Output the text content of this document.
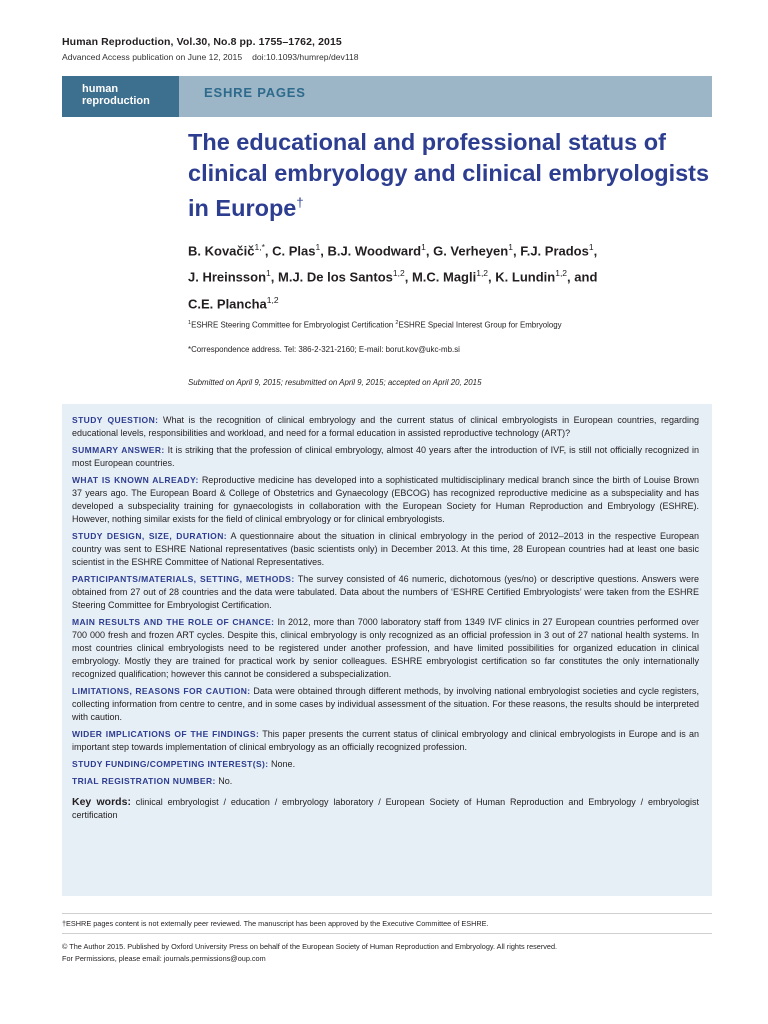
Human Reproduction, Vol.30, No.8 pp. 1755–1762, 2015
Advanced Access publication on June 12, 2015 doi:10.1093/humrep/dev118
human
reproduction
ESHRE PAGES
The educational and professional status of clinical embryology and clinical embryologists in Europe†

B. Kovačič$^{1,*}$, C. Plas$^1$, B.J. Woodward$^1$, G. Verheyen$^1$, F.J. Prados$^1$,
J. Hreinsson$^1$, M.J. De los Santos$^{1,2}$, M.C. Magli$^{1,2}$, K. Lundin$^{1,2}$, and
C.E. Plancha$^{1,2}$

$^1$ESHRE Steering Committee for Embryologist Certification $^2$ESHRE Special Interest Group for Embryology
*Correspondence address. Tel: 386-2-321-2160; E-mail: borut.kov@ukc-mb.si
Submitted on April 9, 2015; resubmitted on April 9, 2015; accepted on April 20, 2015

STUDY QUESTION: What is the recognition of clinical embryology and the current status of clinical embryologists in European countries, regarding educational levels, responsibilities and workload, and need for a formal education in assisted reproductive technology (ART)?

SUMMARY ANSWER: It is striking that the profession of clinical embryology, almost 40 years after the introduction of IVF, is still not officially recognized in most European countries.

WHAT IS KNOWN ALREADY: Reproductive medicine has developed into a sophisticated multidisciplinary medical branch since the birth of Louise Brown 37 years ago. The European Board & College of Obstetrics and Gynaecology (EBCOG) has recognized reproductive medicine as a subspeciality and has developed a subspeciality training for gynaecologists in collaboration with the European Society for Human Reproduction and Embryology (ESHRE). However, nothing similar exists for the field of clinical embryology or for clinical embryologists.

STUDY DESIGN, SIZE, DURATION: A questionnaire about the situation in clinical embryology in the period of 2012–2013 in the respective European country was sent to ESHRE National representatives (basic scientists only) in December 2013. At this time, 28 European countries had at least one basic scientist in the ESHRE Committee of National Representatives.

PARTICIPANTS/MATERIALS, SETTING, METHODS: The survey consisted of 46 numeric, dichotomous (yes/no) or descriptive questions. Answers were obtained from 27 out of 28 countries and the data were tabulated. Data about the numbers of ‘ESHRE Certified Embryologists’ were taken from the ESHRE Steering Committee for Embryologist Certification.

MAIN RESULTS AND THE ROLE OF CHANCE: In 2012, more than 7000 laboratory staff from 1349 IVF clinics in 27 European countries performed over 700 000 fresh and frozen ART cycles. Despite this, clinical embryology is only recognized as an official profession in 3 out of 27 national health systems. In most countries clinical embryologists need to be registered under another profession, and have limited possibilities for organized education in clinical embryology. Mostly they are trained for practical work by senior colleagues. ESHRE embryologist certification so far constitutes the only internationally recognized qualification; however this cannot be considered a subspecialization.

LIMITATIONS, REASONS FOR CAUTION: Data were obtained through different methods, by involving national embryologist societies and cycle registers, collecting information from centre to centre, and in some cases by individual assessment of the situation. For these reasons, the results should be interpreted with caution.

WIDER IMPLICATIONS OF THE FINDINGS: This paper presents the current status of clinical embryology and clinical embryologists in Europe and is an important step towards implementation of clinical embryology as an officially recognized profession.

STUDY FUNDING/COMPETING INTEREST(S): None.

TRIAL REGISTRATION NUMBER: No.

Key words: clinical embryologist / education / embryology laboratory / European Society of Human Reproduction and Embryology / embryologist certification

†ESHRE pages content is not externally peer reviewed. The manuscript has been approved by the Executive Committee of ESHRE.
© The Author 2015. Published by Oxford University Press on behalf of the European Society of Human Reproduction and Embryology. All rights reserved.
For Permissions, please email: journals.permissions@oup.com
